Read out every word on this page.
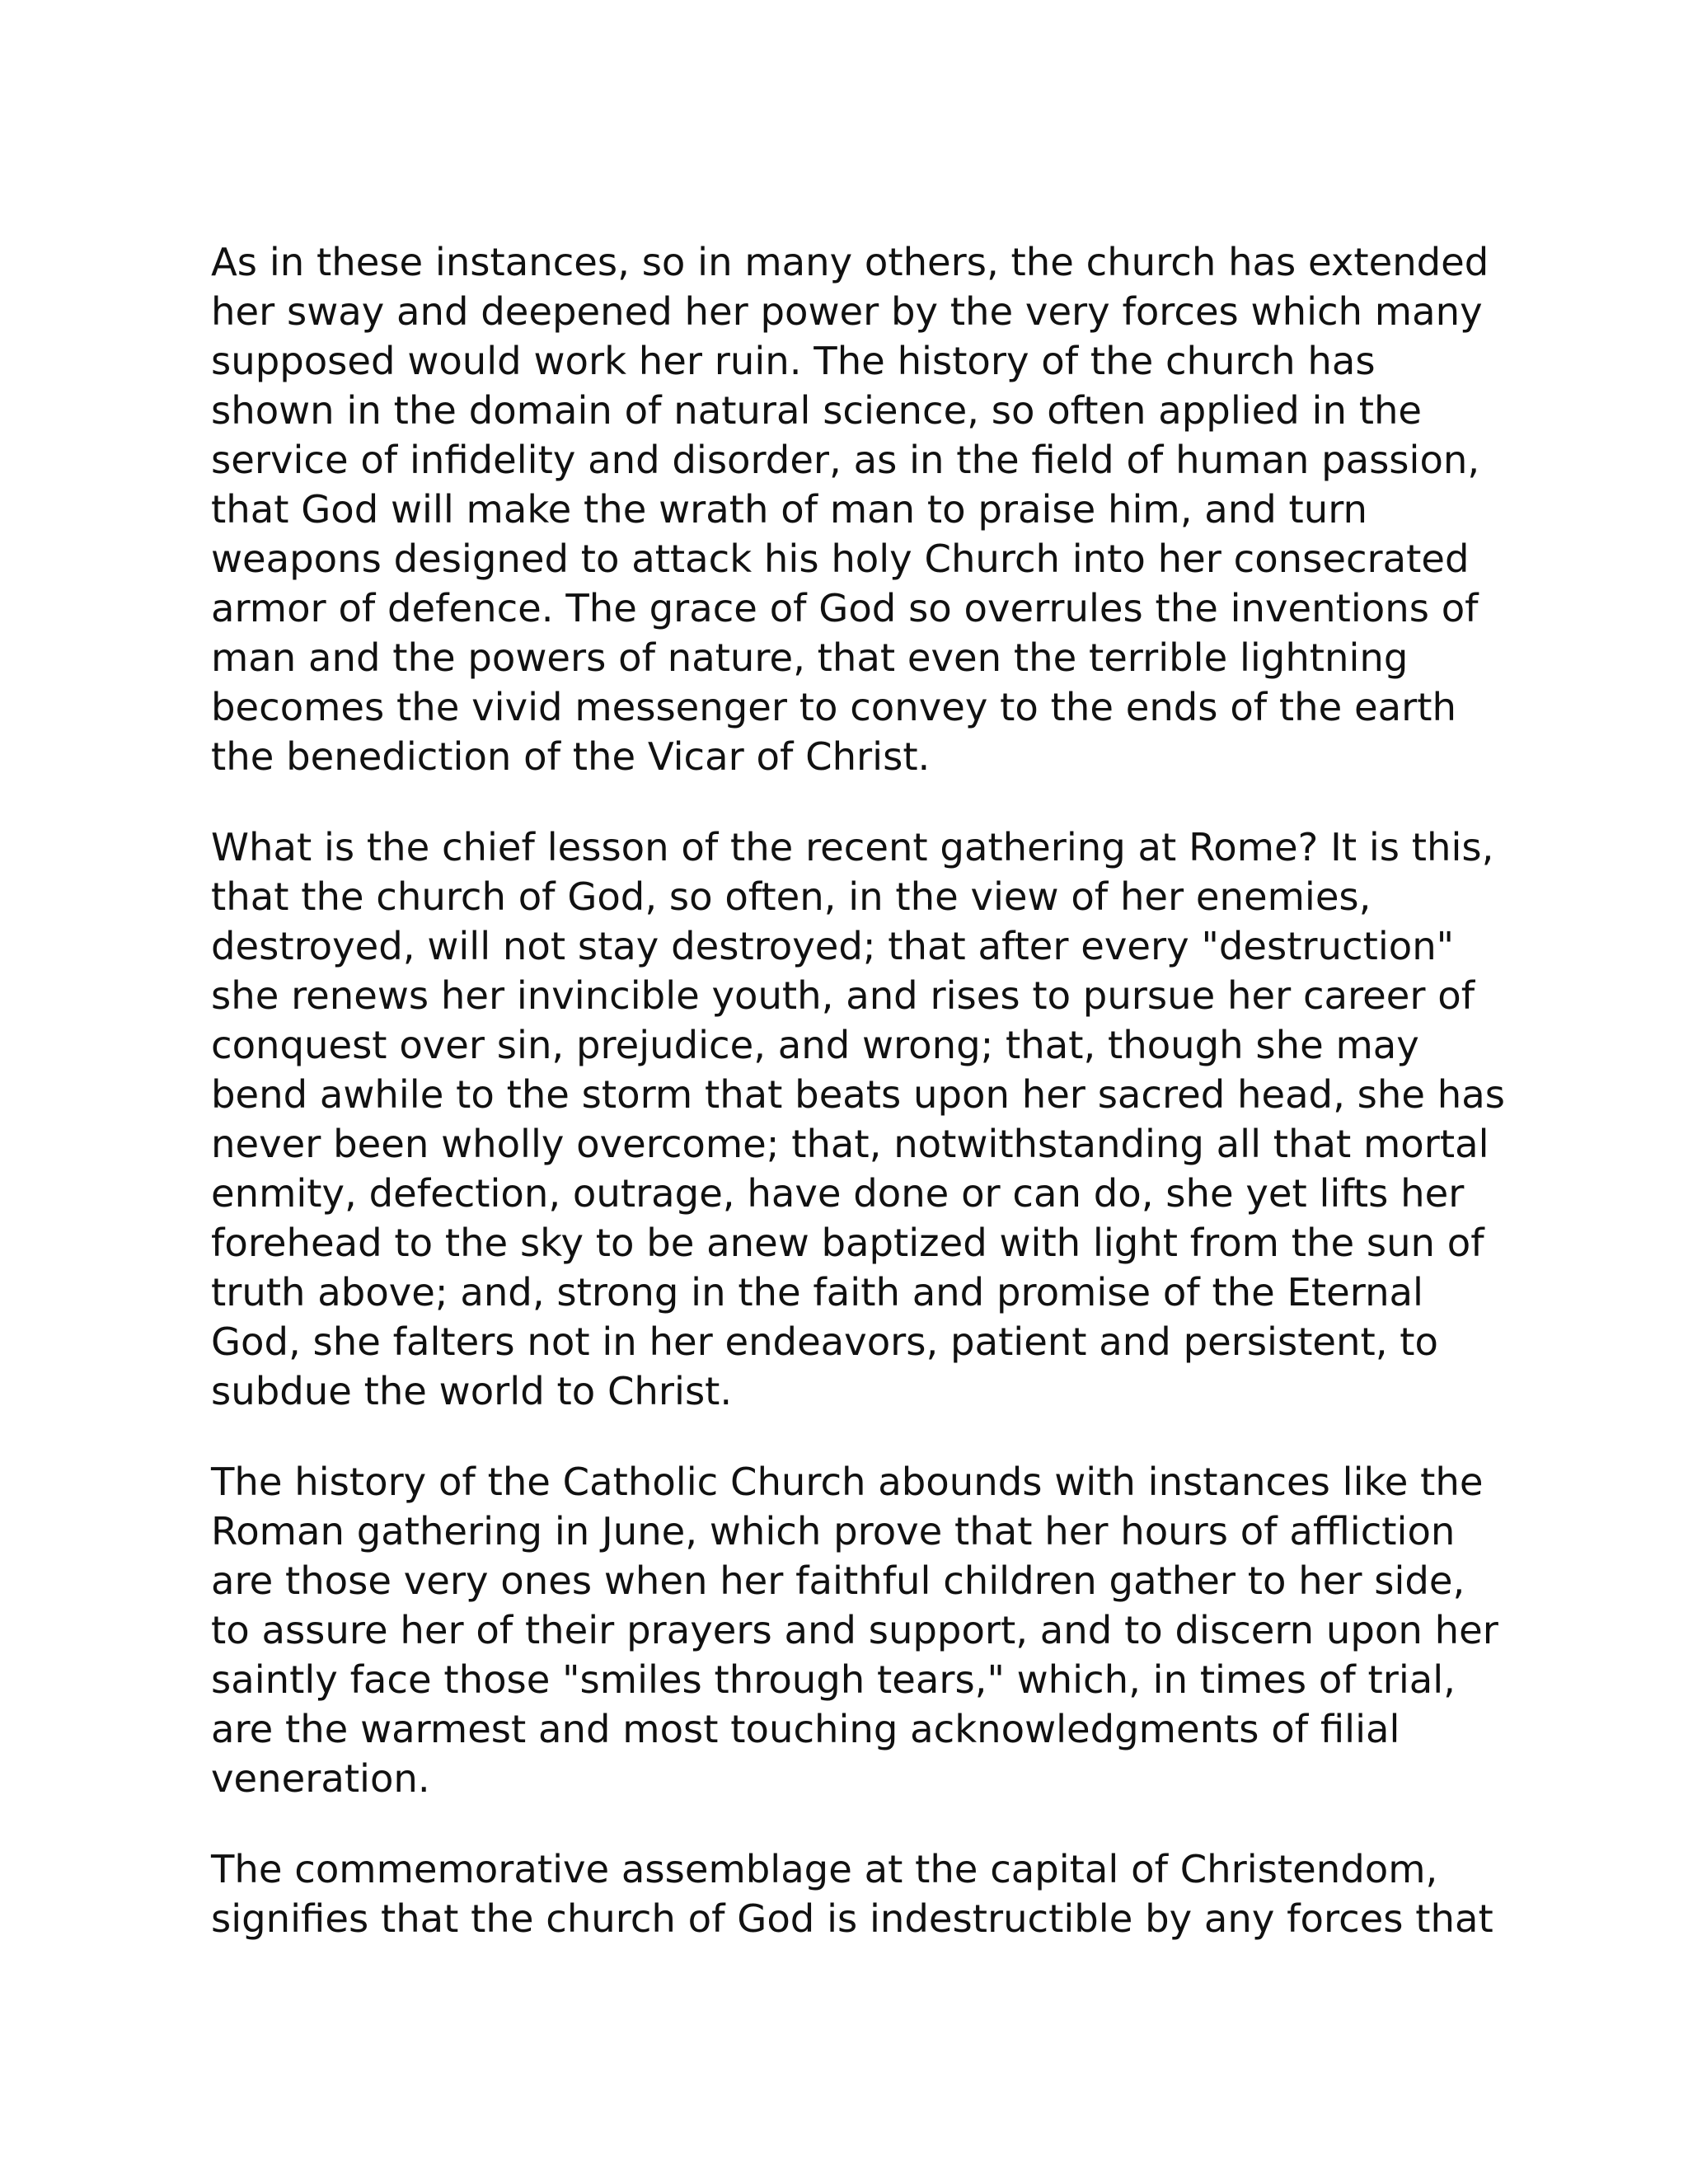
As in these instances, so in many others, the church has extended
her sway and deepened her power by the very forces which many
supposed would work her ruin. The history of the church has
shown in the domain of natural science, so often applied in the
service of infidelity and disorder, as in the field of human passion,
that God will make the wrath of man to praise him, and turn
weapons designed to attack his holy Church into her consecrated
armor of defence. The grace of God so overrules the inventions of
man and the powers of nature, that even the terrible lightning
becomes the vivid messenger to convey to the ends of the earth
the benediction of the Vicar of Christ.

What is the chief lesson of the recent gathering at Rome? It is this,
that the church of God, so often, in the view of her enemies,
destroyed, will not stay destroyed; that after every "destruction"
she renews her invincible youth, and rises to pursue her career of
conquest over sin, prejudice, and wrong; that, though she may
bend awhile to the storm that beats upon her sacred head, she has
never been wholly overcome; that, notwithstanding all that mortal
enmity, defection, outrage, have done or can do, she yet lifts her
forehead to the sky to be anew baptized with light from the sun of
truth above; and, strong in the faith and promise of the Eternal
God, she falters not in her endeavors, patient and persistent, to
subdue the world to Christ.

The history of the Catholic Church abounds with instances like the
Roman gathering in June, which prove that her hours of affliction
are those very ones when her faithful children gather to her side,
to assure her of their prayers and support, and to discern upon her
saintly face those "smiles through tears," which, in times of trial,
are the warmest and most touching acknowledgments of filial
veneration.

The commemorative assemblage at the capital of Christendom,
signifies that the church of God is indestructible by any forces that
